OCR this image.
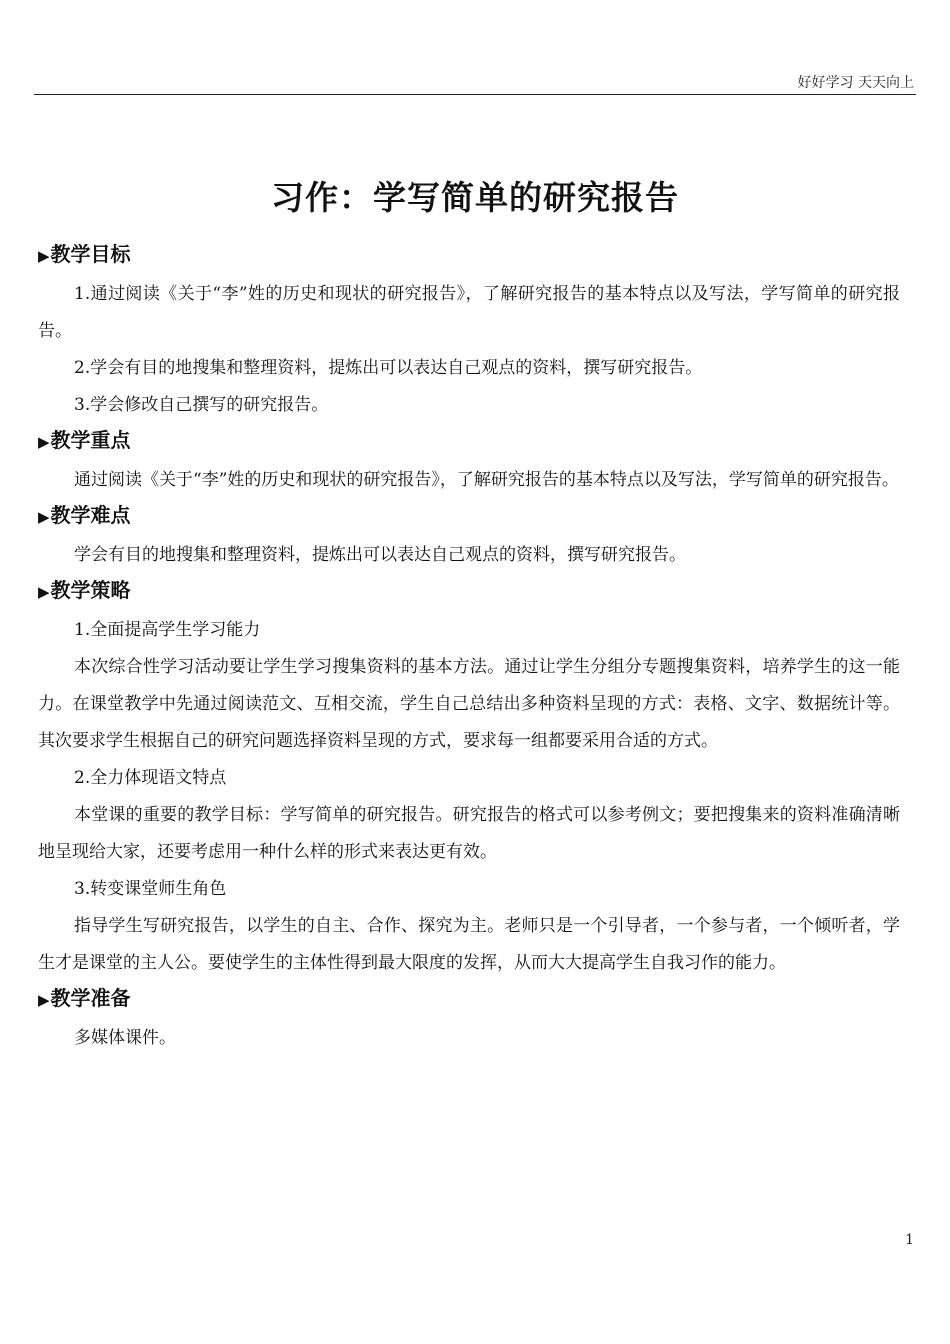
好好学习 天天向上
习作：学写简单的研究报告
▶教学目标

1.通过阅读《关于“李”姓的历史和现状的研究报告》，了解研究报告的基本特点以及写法，学写简单的研究报告。

2.学会有目的地搜集和整理资料，提炼出可以表达自己观点的资料，撰写研究报告。

3.学会修改自己撰写的研究报告。

▶教学重点

通过阅读《关于“李”姓的历史和现状的研究报告》，了解研究报告的基本特点以及写法，学写简单的研究报告。

▶教学难点

学会有目的地搜集和整理资料，提炼出可以表达自己观点的资料，撰写研究报告。

▶教学策略

1.全面提高学生学习能力

本次综合性学习活动要让学生学习搜集资料的基本方法。通过让学生分组分专题搜集资料，培养学生的这一能力。在课堂教学中先通过阅读范文、互相交流，学生自己总结出多种资料呈现的方式：表格、文字、数据统计等。其次要求学生根据自己的研究问题选择资料呈现的方式，要求每一组都要采用合适的方式。

2.全力体现语文特点

本堂课的重要的教学目标：学写简单的研究报告。研究报告的格式可以参考例文；要把搜集来的资料准确清晰地呈现给大家，还要考虑用一种什么样的形式来表达更有效。

3.转变课堂师生角色

指导学生写研究报告，以学生的自主、合作、探究为主。老师只是一个引导者，一个参与者，一个倾听者，学生才是课堂的主人公。要使学生的主体性得到最大限度的发挥，从而大大提高学生自我习作的能力。

▶教学准备

多媒体课件。

1
